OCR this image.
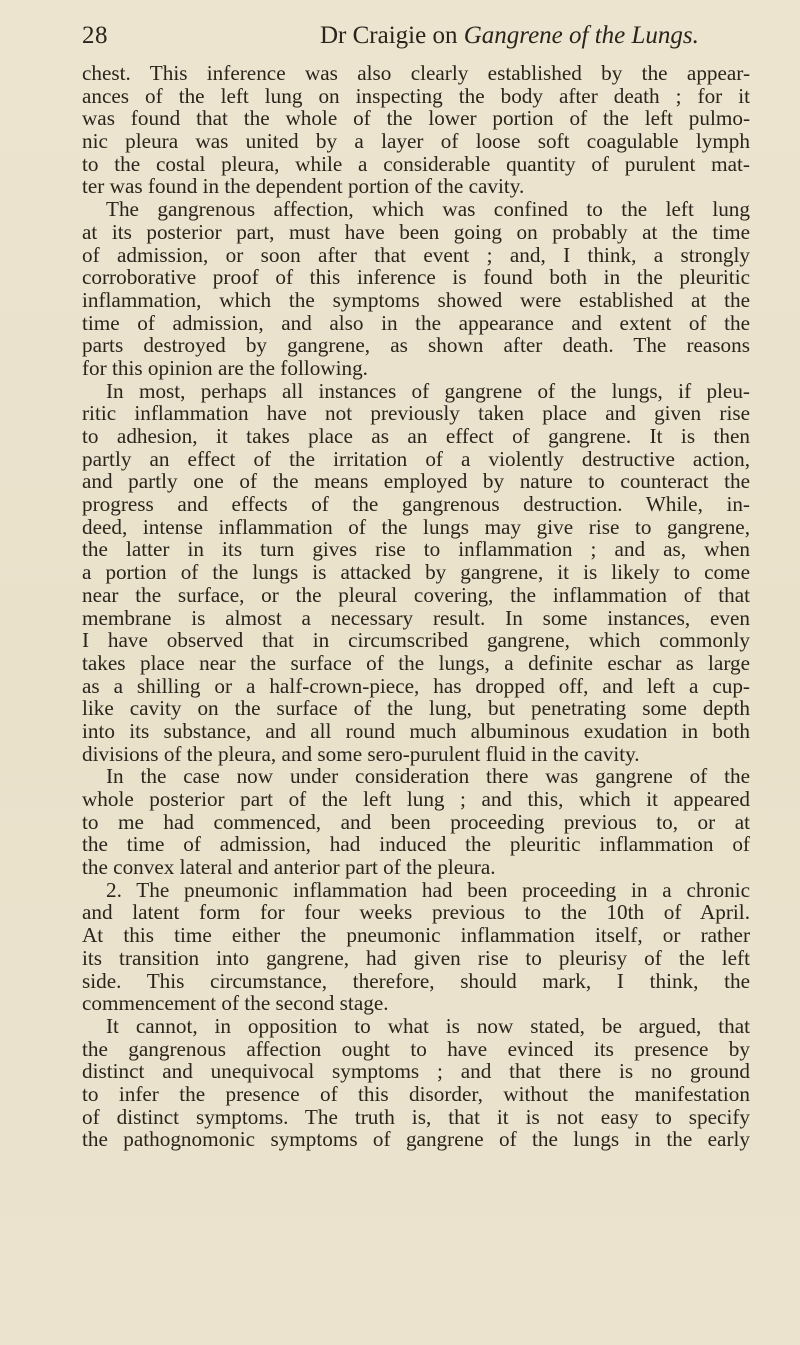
28	Dr Craigie on Gangrene of the Lungs.
chest. This inference was also clearly established by the appear-
ances of the left lung on inspecting the body after death ; for it
was found that the whole of the lower portion of the left pulmo-
nic pleura was united by a layer of loose soft coagulable lymph
to the costal pleura, while a considerable quantity of purulent mat-
ter was found in the dependent portion of the cavity.
The gangrenous affection, which was confined to the left lung
at its posterior part, must have been going on probably at the time
of admission, or soon after that event ; and, I think, a strongly
corroborative proof of this inference is found both in the pleuritic
inflammation, which the symptoms showed were established at the
time of admission, and also in the appearance and extent of the
parts destroyed by gangrene, as shown after death. The reasons
for this opinion are the following.
In most, perhaps all instances of gangrene of the lungs, if pleu-
ritic inflammation have not previously taken place and given rise
to adhesion, it takes place as an effect of gangrene. It is then
partly an effect of the irritation of a violently destructive action,
and partly one of the means employed by nature to counteract the
progress and effects of the gangrenous destruction. While, in-
deed, intense inflammation of the lungs may give rise to gangrene,
the latter in its turn gives rise to inflammation ; and as, when
a portion of the lungs is attacked by gangrene, it is likely to come
near the surface, or the pleural covering, the inflammation of that
membrane is almost a necessary result. In some instances, even
I have observed that in circumscribed gangrene, which commonly
takes place near the surface of the lungs, a definite eschar as large
as a shilling or a half-crown-piece, has dropped off, and left a cup-
like cavity on the surface of the lung, but penetrating some depth
into its substance, and all round much albuminous exudation in both
divisions of the pleura, and some sero-purulent fluid in the cavity.
In the case now under consideration there was gangrene of the
whole posterior part of the left lung ; and this, which it appeared
to me had commenced, and been proceeding previous to, or at
the time of admission, had induced the pleuritic inflammation of
the convex lateral and anterior part of the pleura.
2. The pneumonic inflammation had been proceeding in a chronic
and latent form for four weeks previous to the 10th of April.
At this time either the pneumonic inflammation itself, or rather
its transition into gangrene, had given rise to pleurisy of the left
side. This circumstance, therefore, should mark, I think, the
commencement of the second stage.
It cannot, in opposition to what is now stated, be argued, that
the gangrenous affection ought to have evinced its presence by
distinct and unequivocal symptoms ; and that there is no ground
to infer the presence of this disorder, without the manifestation
of distinct symptoms. The truth is, that it is not easy to specify
the pathognomonic symptoms of gangrene of the lungs in the early
